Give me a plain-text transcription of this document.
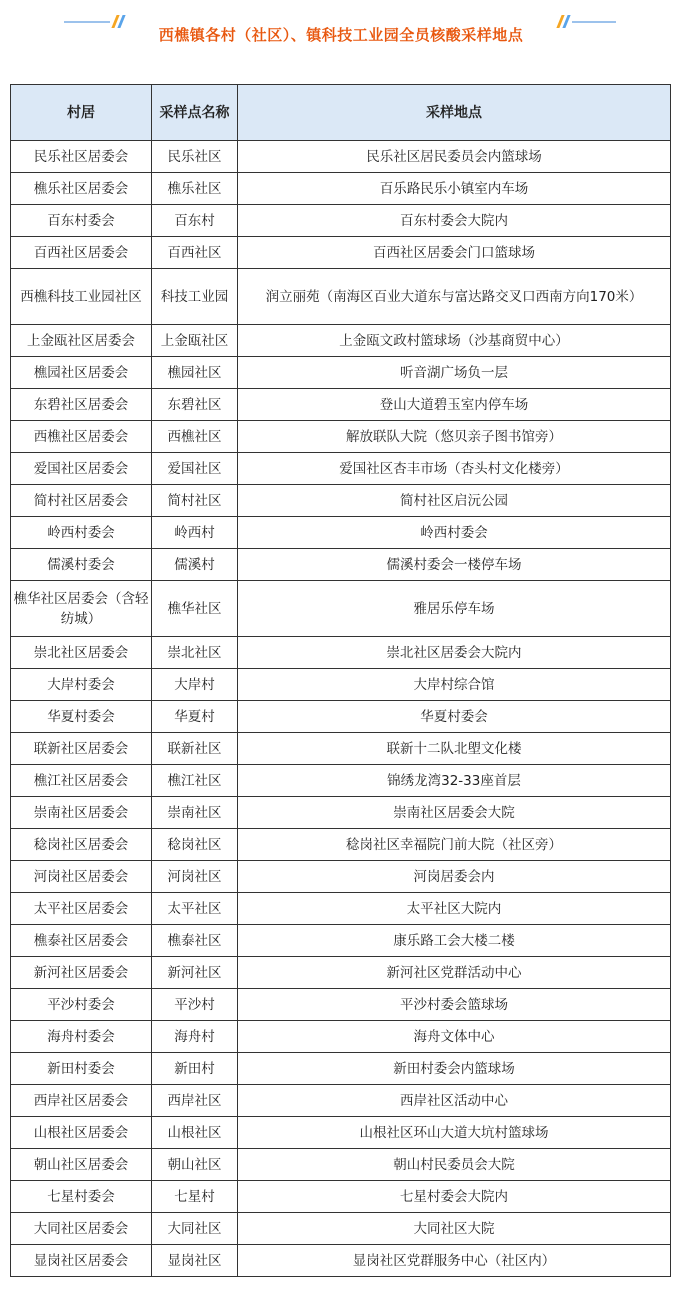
西樵镇各村（社区）、镇科技工业园全员核酸采样地点
村居	采样点名称	采样地点
民乐社区居委会	民乐社区	民乐社区居民委员会内篮球场
樵乐社区居委会	樵乐社区	百乐路民乐小镇室内车场
百东村委会	百东村	百东村委会大院内
百西社区居委会	百西社区	百西社区居委会门口篮球场
西樵科技工业园社区	科技工业园	润立丽苑（南海区百业大道东与富达路交叉口西南方向170米）
上金瓯社区居委会	上金瓯社区	上金瓯文政村篮球场（沙基商贸中心）
樵园社区居委会	樵园社区	听音湖广场负一层
东碧社区居委会	东碧社区	登山大道碧玉室内停车场
西樵社区居委会	西樵社区	解放联队大院（悠贝亲子图书馆旁）
爱国社区居委会	爱国社区	爱国社区杏丰市场（杏头村文化楼旁）
简村社区居委会	简村社区	简村社区启沅公园
岭西村委会	岭西村	岭西村委会
儒溪村委会	儒溪村	儒溪村委会一楼停车场
樵华社区居委会（含轻纺城）	樵华社区	雅居乐停车场
崇北社区居委会	崇北社区	崇北社区居委会大院内
大岸村委会	大岸村	大岸村综合馆
华夏村委会	华夏村	华夏村委会
联新社区居委会	联新社区	联新十二队北塱文化楼
樵江社区居委会	樵江社区	锦绣龙湾32-33座首层
崇南社区居委会	崇南社区	崇南社区居委会大院
稔岗社区居委会	稔岗社区	稔岗社区幸福院门前大院（社区旁）
河岗社区居委会	河岗社区	河岗居委会内
太平社区居委会	太平社区	太平社区大院内
樵泰社区居委会	樵泰社区	康乐路工会大楼二楼
新河社区居委会	新河社区	新河社区党群活动中心
平沙村委会	平沙村	平沙村委会篮球场
海舟村委会	海舟村	海舟文体中心
新田村委会	新田村	新田村委会内篮球场
西岸社区居委会	西岸社区	西岸社区活动中心
山根社区居委会	山根社区	山根社区环山大道大坑村篮球场
朝山社区居委会	朝山社区	朝山村民委员会大院
七星村委会	七星村	七星村委会大院内
大同社区居委会	大同社区	大同社区大院
显岗社区居委会	显岗社区	显岗社区党群服务中心（社区内）
